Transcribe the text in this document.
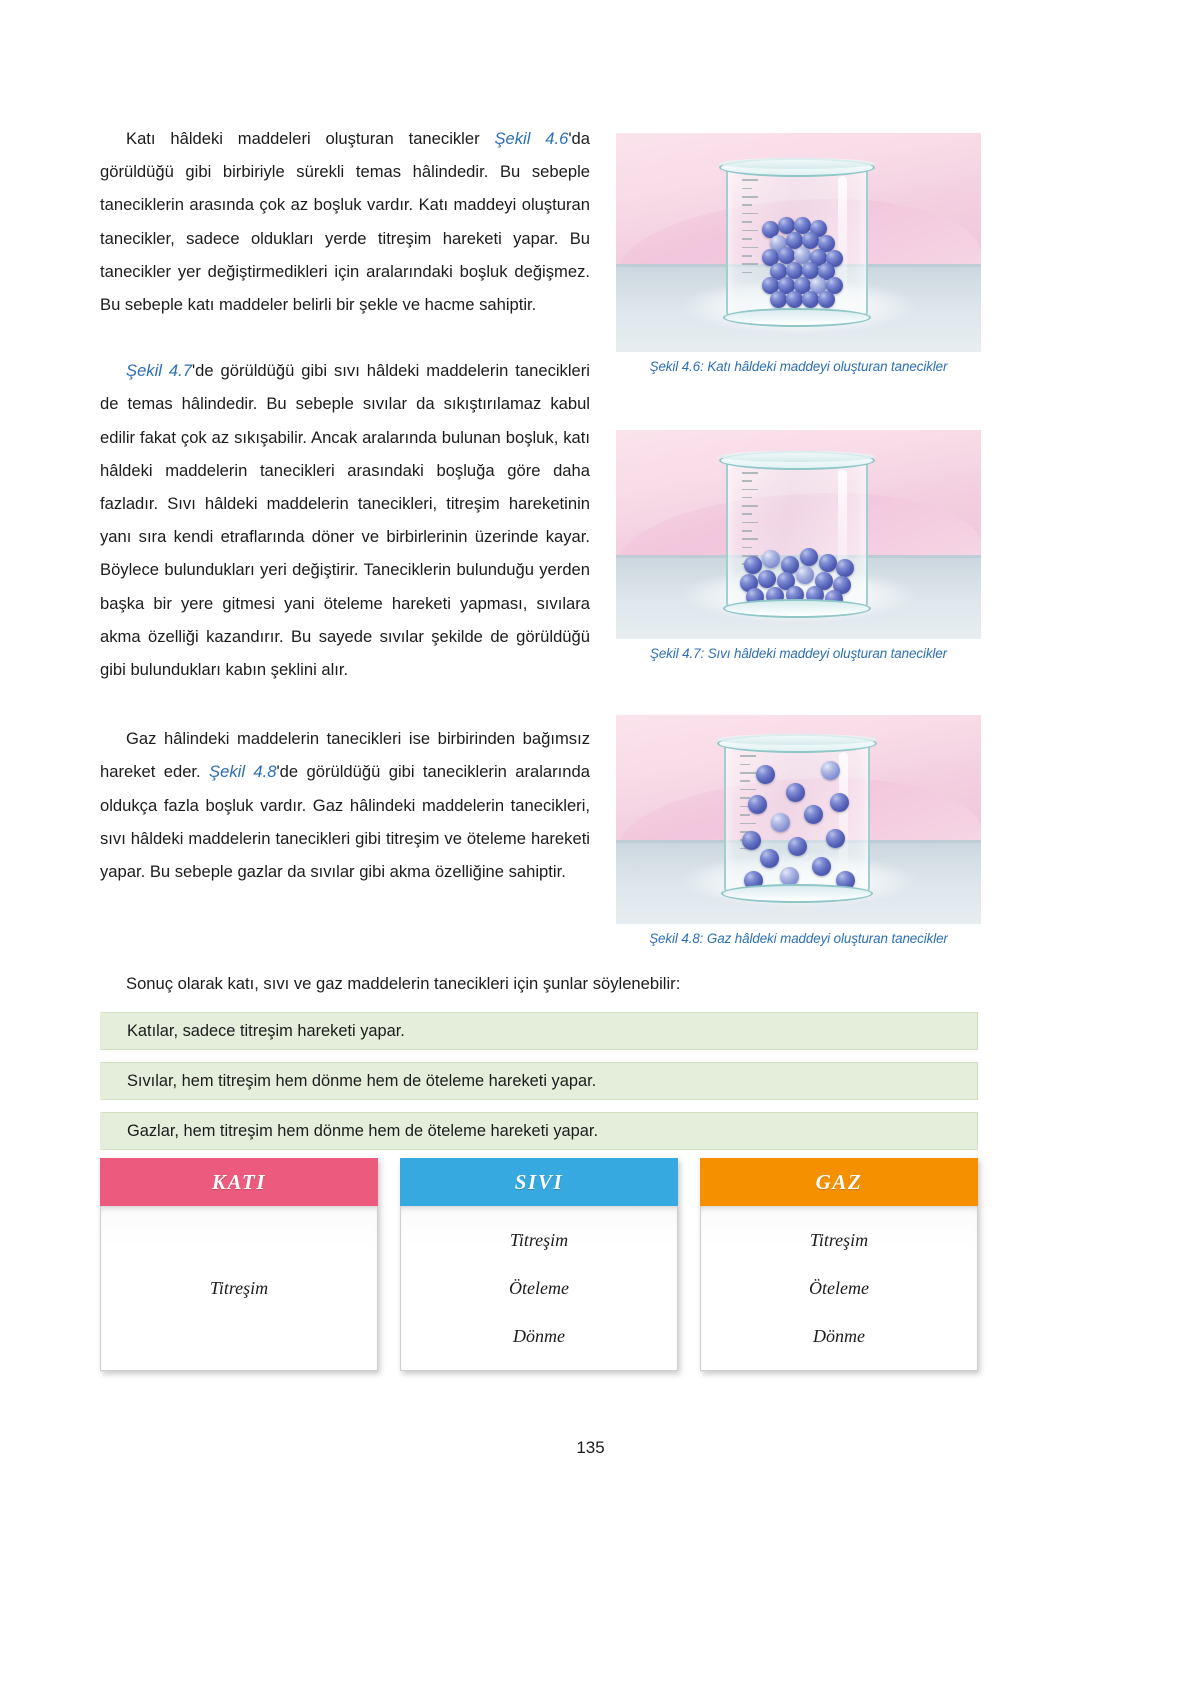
Katı hâldeki maddeleri oluşturan tanecikler Şekil 4.6'da görüldüğü gibi birbiriyle sürekli temas hâlindedir. Bu sebeple taneciklerin arasında çok az boşluk vardır. Katı maddeyi oluşturan tanecikler, sadece oldukları yerde titreşim hareketi yapar. Bu tanecikler yer değiştirmedikleri için aralarındaki boşluk değişmez. Bu sebeple katı maddeler belirli bir şekle ve hacme sahiptir.

Şekil 4.7'de görüldüğü gibi sıvı hâldeki maddelerin tanecikleri de temas hâlindedir. Bu sebeple sıvılar da sıkıştırılamaz kabul edilir fakat çok az sıkışabilir. Ancak aralarında bulunan boşluk, katı hâldeki maddelerin tanecikleri arasındaki boşluğa göre daha fazladır. Sıvı hâldeki maddelerin tanecikleri, titreşim hareketinin yanı sıra kendi etraflarında döner ve birbirlerinin üzerinde kayar. Böylece bulundukları yeri değiştirir. Taneciklerin bulunduğu yerden başka bir yere gitmesi yani öteleme hareketi yapması, sıvılara akma özelliği kazandırır. Bu sayede sıvılar şekilde de görüldüğü gibi bulundukları kabın şeklini alır.

Gaz hâlindeki maddelerin tanecikleri ise birbirinden bağımsız hareket eder. Şekil 4.8'de görüldüğü gibi taneciklerin aralarında oldukça fazla boşluk vardır. Gaz hâlindeki maddelerin tanecikleri, sıvı hâldeki maddelerin tanecikleri gibi titreşim ve öteleme hareketi yapar. Bu sebeple gazlar da sıvılar gibi akma özelliğine sahiptir.

Şekil 4.6: Katı hâldeki maddeyi oluşturan tanecikler
Şekil 4.7: Sıvı hâldeki maddeyi oluşturan tanecikler
Şekil 4.8: Gaz hâldeki maddeyi oluşturan tanecikler
Sonuç olarak katı, sıvı ve gaz maddelerin tanecikleri için şunlar söylenebilir:
Katılar, sadece titreşim hareketi yapar.
Sıvılar, hem titreşim hem dönme hem de öteleme hareketi yapar.
Gazlar, hem titreşim hem dönme hem de öteleme hareketi yapar.
KATI
Titreşim
SIVI
Titreşim
Öteleme
Dönme
GAZ
Titreşim
Öteleme
Dönme
135
